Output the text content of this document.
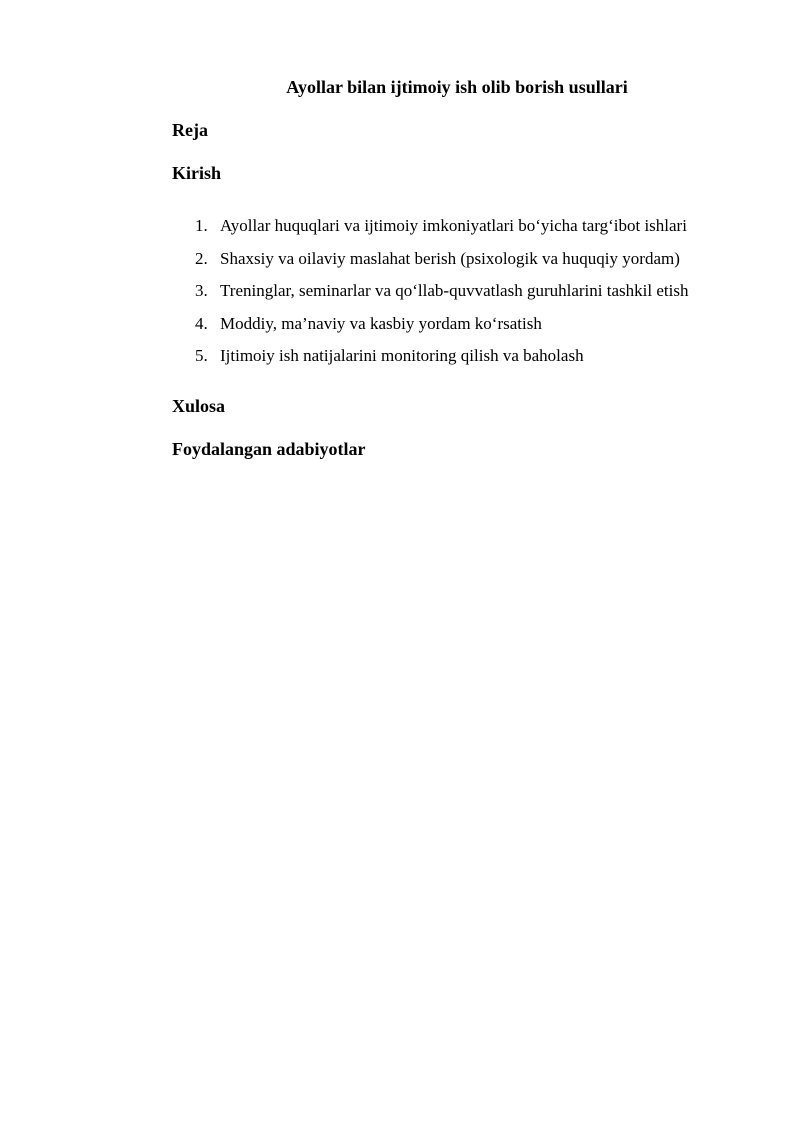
Ayollar bilan ijtimoiy ish olib borish usullari

Reja

Kirish

1. Ayollar huquqlari va ijtimoiy imkoniyatlari bo‘yicha targ‘ibot ishlari
2. Shaxsiy va oilaviy maslahat berish (psixologik va huquqiy yordam)
3. Treninglar, seminarlar va qo‘llab-quvvatlash guruhlarini tashkil etish
4. Moddiy, ma’naviy va kasbiy yordam ko‘rsatish
5. Ijtimoiy ish natijalarini monitoring qilish va baholash

Xulosa

Foydalangan adabiyotlar
